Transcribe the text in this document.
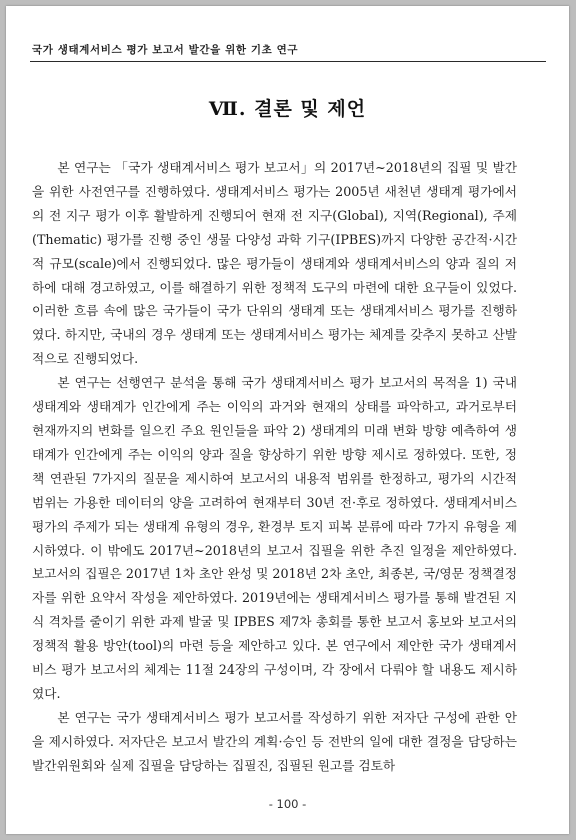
국가 생태계서비스 평가 보고서 발간을 위한 기초 연구
Ⅶ. 결론 및 제언

본 연구는 「국가 생태계서비스 평가 보고서」의 2017년~2018년의 집필 및 발간을 위한 사전연구를 진행하였다. 생태계서비스 평가는 2005년 새천년 생태계 평가에서의 전 지구 평가 이후 활발하게 진행되어 현재 전 지구(Global), 지역(Regional), 주제(Thematic) 평가를 진행 중인 생물 다양성 과학 기구(IPBES)까지 다양한 공간적·시간적 규모(scale)에서 진행되었다. 많은 평가들이 생태계와 생태계서비스의 양과 질의 저하에 대해 경고하였고, 이를 해결하기 위한 정책적 도구의 마련에 대한 요구들이 있었다. 이러한 흐름 속에 많은 국가들이 국가 단위의 생태계 또는 생태계서비스 평가를 진행하였다. 하지만, 국내의 경우 생태계 또는 생태계서비스 평가는 체계를 갖추지 못하고 산발적으로 진행되었다.

본 연구는 선행연구 분석을 통해 국가 생태계서비스 평가 보고서의 목적을 1) 국내 생태계와 생태계가 인간에게 주는 이익의 과거와 현재의 상태를 파악하고, 과거로부터 현재까지의 변화를 일으킨 주요 원인들을 파악 2) 생태계의 미래 변화 방향 예측하여 생태계가 인간에게 주는 이익의 양과 질을 향상하기 위한 방향 제시로 정하였다. 또한, 정책 연관된 7가지의 질문을 제시하여 보고서의 내용적 범위를 한정하고, 평가의 시간적 범위는 가용한 데이터의 양을 고려하여 현재부터 30년 전·후로 정하였다. 생태계서비스 평가의 주제가 되는 생태계 유형의 경우, 환경부 토지 피복 분류에 따라 7가지 유형을 제시하였다. 이 밖에도 2017년~2018년의 보고서 집필을 위한 추진 일정을 제안하였다. 보고서의 집필은 2017년 1차 초안 완성 및 2018년 2차 초안, 최종본, 국/영문 정책결정자를 위한 요약서 작성을 제안하였다. 2019년에는 생태계서비스 평가를 통해 발견된 지식 격차를 줄이기 위한 과제 발굴 및 IPBES 제7차 총회를 통한 보고서 홍보와 보고서의 정책적 활용 방안(tool)의 마련 등을 제안하고 있다. 본 연구에서 제안한 국가 생태계서비스 평가 보고서의 체계는 11절 24장의 구성이며, 각 장에서 다뤄야 할 내용도 제시하였다.

본 연구는 국가 생태계서비스 평가 보고서를 작성하기 위한 저자단 구성에 관한 안을 제시하였다. 저자단은 보고서 발간의 계획·승인 등 전반의 일에 대한 결정을 담당하는 발간위원회와 실제 집필을 담당하는 집필진, 집필된 원고를 검토하

- 100 -
